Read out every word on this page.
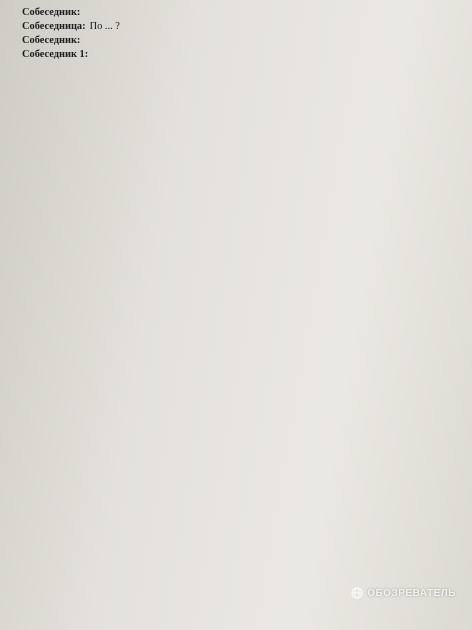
Собеседник:

Собеседница: По ... ?

Собеседник:

Собеседник 1:

ОБОЗРЕВАТЕЛЬ
